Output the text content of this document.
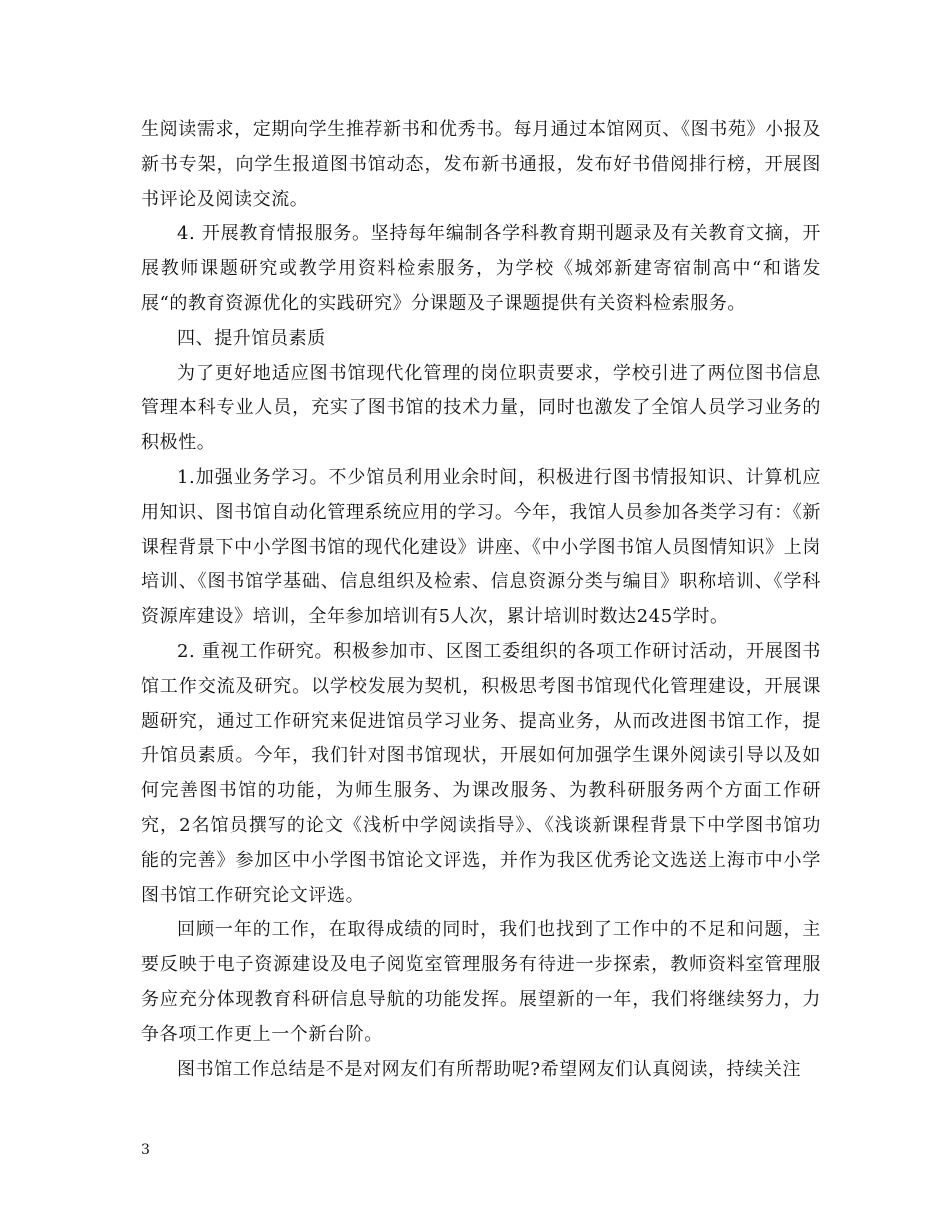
生阅读需求，定期向学生推荐新书和优秀书。每月通过本馆网页、《图书苑》小报及新书专架，向学生报道图书馆动态，发布新书通报，发布好书借阅排行榜，开展图书评论及阅读交流。

4. 开展教育情报服务。坚持每年编制各学科教育期刊题录及有关教育文摘，开展教师课题研究或教学用资料检索服务，为学校《城郊新建寄宿制高中“和谐发展“的教育资源优化的实践研究》分课题及子课题提供有关资料检索服务。

四、提升馆员素质

为了更好地适应图书馆现代化管理的岗位职责要求，学校引进了两位图书信息管理本科专业人员，充实了图书馆的技术力量，同时也激发了全馆人员学习业务的积极性。

1.加强业务学习。不少馆员利用业余时间，积极进行图书情报知识、计算机应用知识、图书馆自动化管理系统应用的学习。今年，我馆人员参加各类学习有：《新课程背景下中小学图书馆的现代化建设》讲座、《中小学图书馆人员图情知识》上岗培训、《图书馆学基础、信息组织及检索、信息资源分类与编目》职称培训、《学科资源库建设》培训，全年参加培训有5人次，累计培训时数达245学时。

2. 重视工作研究。积极参加市、区图工委组织的各项工作研讨活动，开展图书馆工作交流及研究。以学校发展为契机，积极思考图书馆现代化管理建设，开展课题研究，通过工作研究来促进馆员学习业务、提高业务，从而改进图书馆工作，提升馆员素质。今年，我们针对图书馆现状，开展如何加强学生课外阅读引导以及如何完善图书馆的功能，为师生服务、为课改服务、为教科研服务两个方面工作研究，2名馆员撰写的论文《浅析中学阅读指导》、《浅谈新课程背景下中学图书馆功能的完善》参加区中小学图书馆论文评选，并作为我区优秀论文选送上海市中小学图书馆工作研究论文评选。

回顾一年的工作，在取得成绩的同时，我们也找到了工作中的不足和问题，主要反映于电子资源建设及电子阅览室管理服务有待进一步探索，教师资料室管理服务应充分体现教育科研信息导航的功能发挥。展望新的一年，我们将继续努力，力争各项工作更上一个新台阶。

图书馆工作总结是不是对网友们有所帮助呢?希望网友们认真阅读，持续关注

3
